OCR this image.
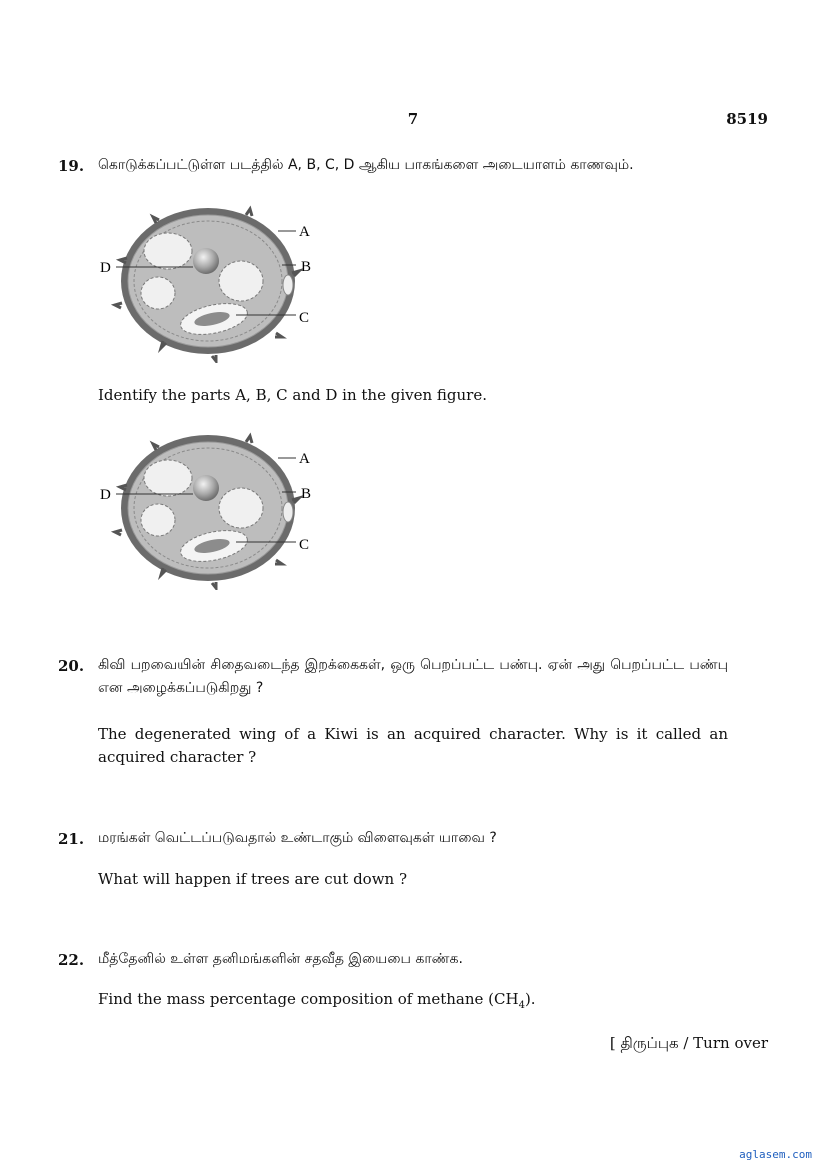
7	8519
19. கொடுக்கப்பட்டுள்ள படத்தில் A, B, C, D ஆகிய பாகங்களை அடையாளம் காணவும்.
A
B
C
D
Identify the parts A, B, C and D in the given figure.
A
B
C
D
20. கிவி பறவையின் சிதைவடைந்த இறக்கைகள், ஒரு பெறப்பட்ட பண்பு. ஏன் அது பெறப்பட்ட பண்பு என அழைக்கப்படுகிறது ?
The degenerated wing of a Kiwi is an acquired character. Why is it called an acquired character ?
21. மரங்கள் வெட்டப்படுவதால் உண்டாகும் விளைவுகள் யாவை ?
What will happen if trees are cut down ?
22. மீத்தேனில் உள்ள தனிமங்களின் சதவீத இயைபை காண்க.
Find the mass percentage composition of methane $(CH_4)$.
[ திருப்புக / Turn over
aglasem.com
